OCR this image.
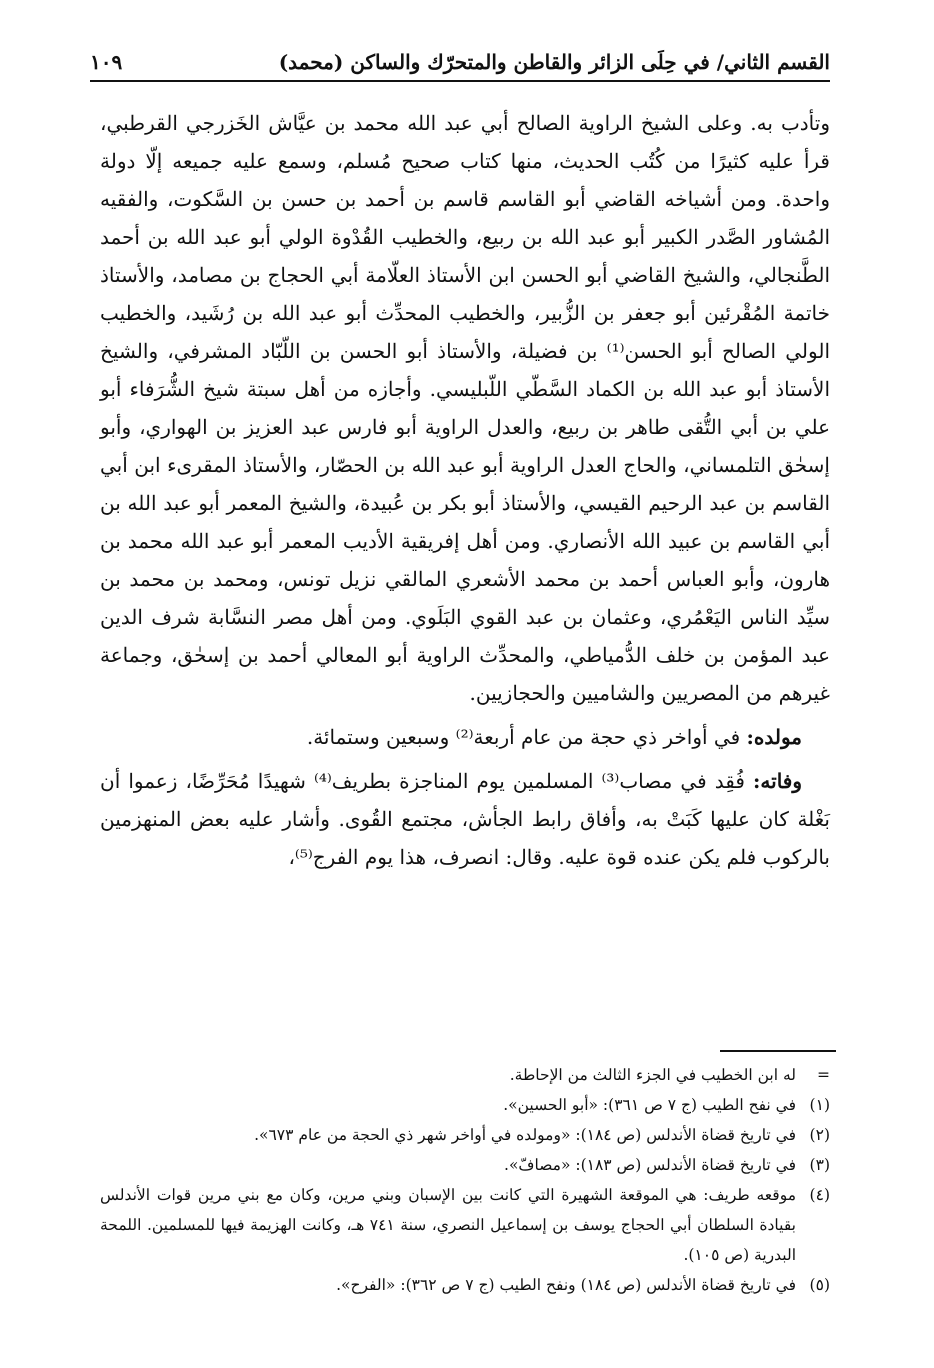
القسم الثاني/ في حِلَى الزائر والقاطن والمتحرّك والساكن (محمد)
١٠٩

وتأدب به. وعلى الشيخ الراوية الصالح أبي عبد الله محمد بن عيَّاش الخَزرجي القرطبي، قرأ عليه كثيرًا من كُتُب الحديث، منها كتاب صحيح مُسلم، وسمع عليه جميعه إلّا دولة واحدة. ومن أشياخه القاضي أبو القاسم قاسم بن أحمد بن حسن بن السَّكوت، والفقيه المُشاور الصَّدر الكبير أبو عبد الله بن ربيع، والخطيب القُدْوة الولي أبو عبد الله بن أحمد الطَّنجالي، والشيخ القاضي أبو الحسن ابن الأستاذ العلّامة أبي الحجاج بن مصامد، والأستاذ خاتمة المُقْرئين أبو جعفر بن الزُّبير، والخطيب المحدِّث أبو عبد الله بن رُشَيد، والخطيب الولي الصالح أبو الحسن⁽¹⁾ بن فضيلة، والأستاذ أبو الحسن بن اللّبّاد المشرفي، والشيخ الأستاذ أبو عبد الله بن الكماد السَّطّي اللّبليسي. وأجازه من أهل سبتة شيخ الشُّرَفاء أبو علي بن أبي التُّقى طاهر بن ربيع، والعدل الراوية أبو فارس عبد العزيز بن الهواري، وأبو إسحٰق التلمساني، والحاج العدل الراوية أبو عبد الله بن الحصّار، والأستاذ المقرىء ابن أبي القاسم بن عبد الرحيم القيسي، والأستاذ أبو بكر بن عُبيدة، والشيخ المعمر أبو عبد الله بن أبي القاسم بن عبيد الله الأنصاري. ومن أهل إفريقية الأديب المعمر أبو عبد الله محمد بن هارون، وأبو العباس أحمد بن محمد الأشعري المالقي نزيل تونس، ومحمد بن محمد بن سيِّد الناس اليَعْمُري، وعثمان بن عبد القوي البَلَوي. ومن أهل مصر النسَّابة شرف الدين عبد المؤمن بن خلف الدُّمياطي، والمحدِّث الراوية أبو المعالي أحمد بن إسحٰق، وجماعة غيرهم من المصريين والشاميين والحجازيين.

مولده: في أواخر ذي حجة من عام أربعة⁽²⁾ وسبعين وستمائة.

وفاته: فُقِد في مصاب⁽³⁾ المسلمين يوم المناجزة بطريف⁽⁴⁾ شهيدًا مُحَرِّضًا، زعموا أن بَغْلة كان عليها كَبَتْ به، وأفاق رابط الجأش، مجتمع القُوى. وأشار عليه بعض المنهزمين بالركوب فلم يكن عنده قوة عليه. وقال: انصرف، هذا يوم الفرج⁽⁵⁾،

=
له ابن الخطيب في الجزء الثالث من الإحاطة.
(١)
في نفح الطيب (ج ٧ ص ٣٦١): «أبو الحسين».
(٢)
في تاريخ قضاة الأندلس (ص ١٨٤): «ومولده في أواخر شهر ذي الحجة من عام ٦٧٣».
(٣)
في تاريخ قضاة الأندلس (ص ١٨٣): «مصافّ».
(٤)
موقعه طريف: هي الموقعة الشهيرة التي كانت بين الإسبان وبني مرين، وكان مع بني مرين قوات الأندلس بقيادة السلطان أبي الحجاج يوسف بن إسماعيل النصري، سنة ٧٤١ هـ، وكانت الهزيمة فيها للمسلمين. اللمحة البدرية (ص ١٠٥).
(٥)
في تاريخ قضاة الأندلس (ص ١٨٤) ونفح الطيب (ج ٧ ص ٣٦٢): «الفرح».
